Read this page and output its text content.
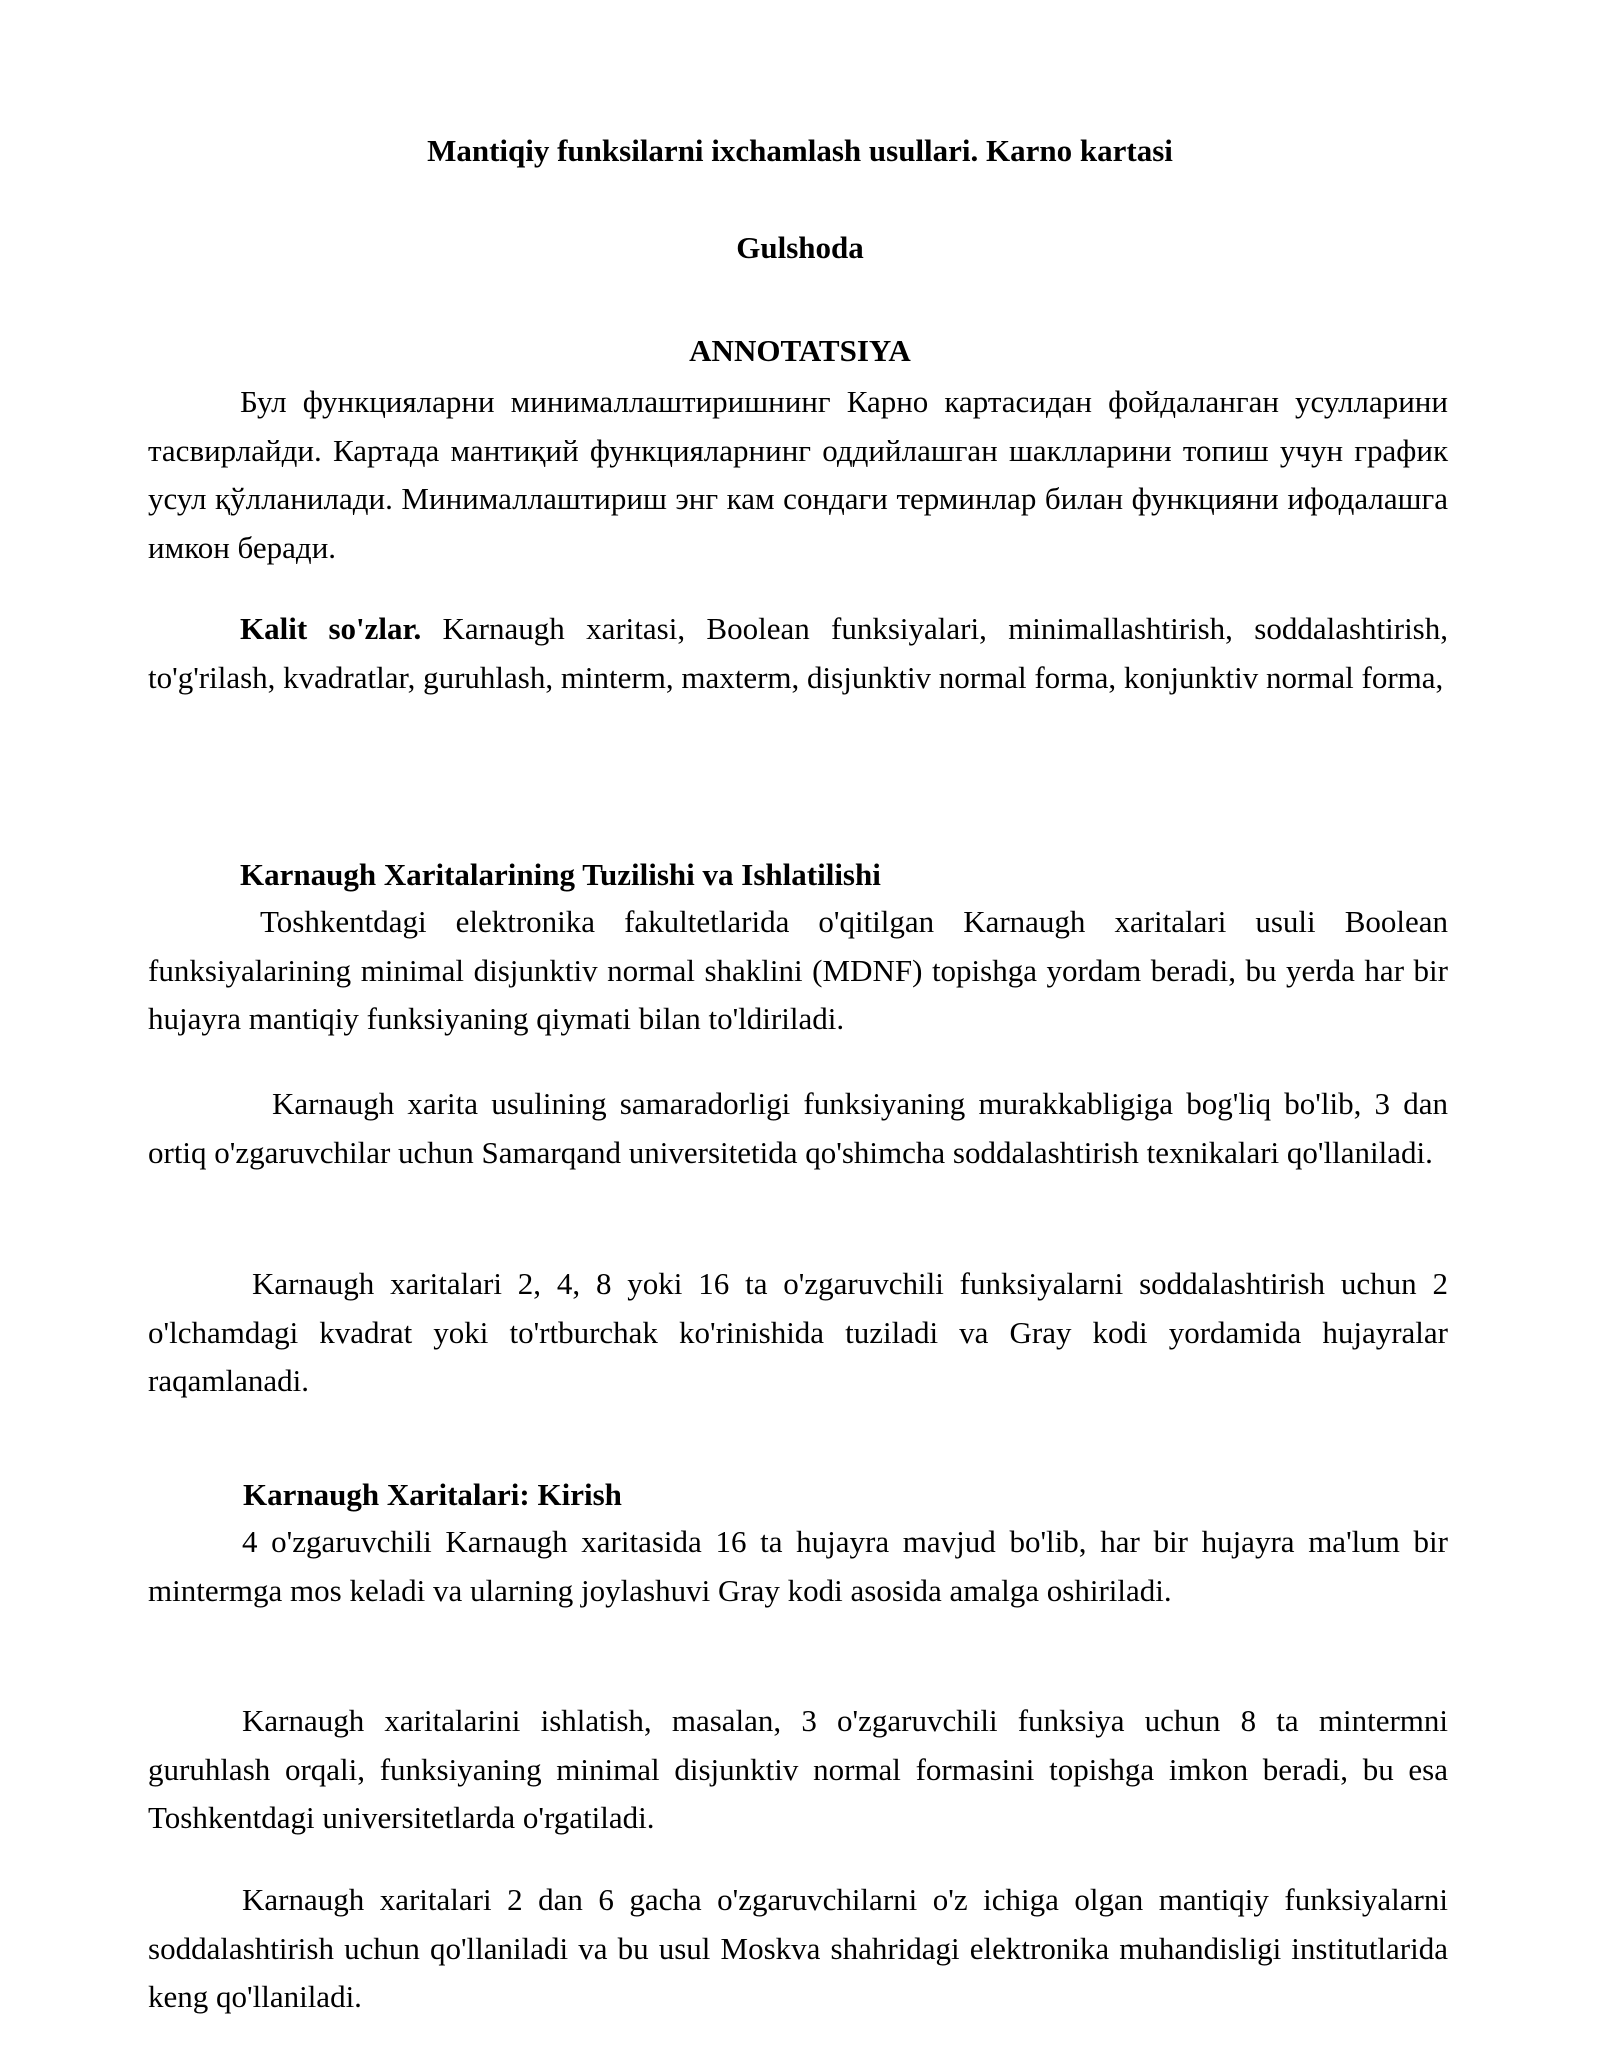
Mantiqiy funksilarni ixchamlash usullari. Karno kartasi
Gulshoda
ANNOTATSIYA

Бул функцияларни минималлаштиришнинг Карно картасидан фойдаланган усулларини тасвирлайди. Картада мантиқий функцияларнинг оддийлашган шаклларини топиш учун график усул қўлланилади. Минималлаштириш энг кам сондаги терминлар билан функцияни ифодалашга имкон беради.

Kalit so'zlar. Karnaugh xaritasi, Boolean funksiyalari, minimallashtirish, soddalashtirish, to'g'rilash, kvadratlar, guruhlash, minterm, maxterm, disjunktiv normal forma, konjunktiv normal forma,

Karnaugh Xaritalarining Tuzilishi va Ishlatilishi

Toshkentdagi elektronika fakultetlarida o'qitilgan Karnaugh xaritalari usuli Boolean funksiyalarining minimal disjunktiv normal shaklini (MDNF) topishga yordam beradi, bu yerda har bir hujayra mantiqiy funksiyaning qiymati bilan to'ldiriladi.

Karnaugh xarita usulining samaradorligi funksiyaning murakkabligiga bog'liq bo'lib, 3 dan ortiq o'zgaruvchilar uchun Samarqand universitetida qo'shimcha soddalashtirish texnikalari qo'llaniladi.

Karnaugh xaritalari 2, 4, 8 yoki 16 ta o'zgaruvchili funksiyalarni soddalashtirish uchun 2 o'lchamdagi kvadrat yoki to'rtburchak ko'rinishida tuziladi va Gray kodi yordamida hujayralar raqamlanadi.

Karnaugh Xaritalari: Kirish

4 o'zgaruvchili Karnaugh xaritasida 16 ta hujayra mavjud bo'lib, har bir hujayra ma'lum bir mintermga mos keladi va ularning joylashuvi Gray kodi asosida amalga oshiriladi.

Karnaugh xaritalarini ishlatish, masalan, 3 o'zgaruvchili funksiya uchun 8 ta mintermni guruhlash orqali, funksiyaning minimal disjunktiv normal formasini topishga imkon beradi, bu esa Toshkentdagi universitetlarda o'rgatiladi.

Karnaugh xaritalari 2 dan 6 gacha o'zgaruvchilarni o'z ichiga olgan mantiqiy funksiyalarni soddalashtirish uchun qo'llaniladi va bu usul Moskva shahridagi elektronika muhandisligi institutlarida keng qo'llaniladi.
